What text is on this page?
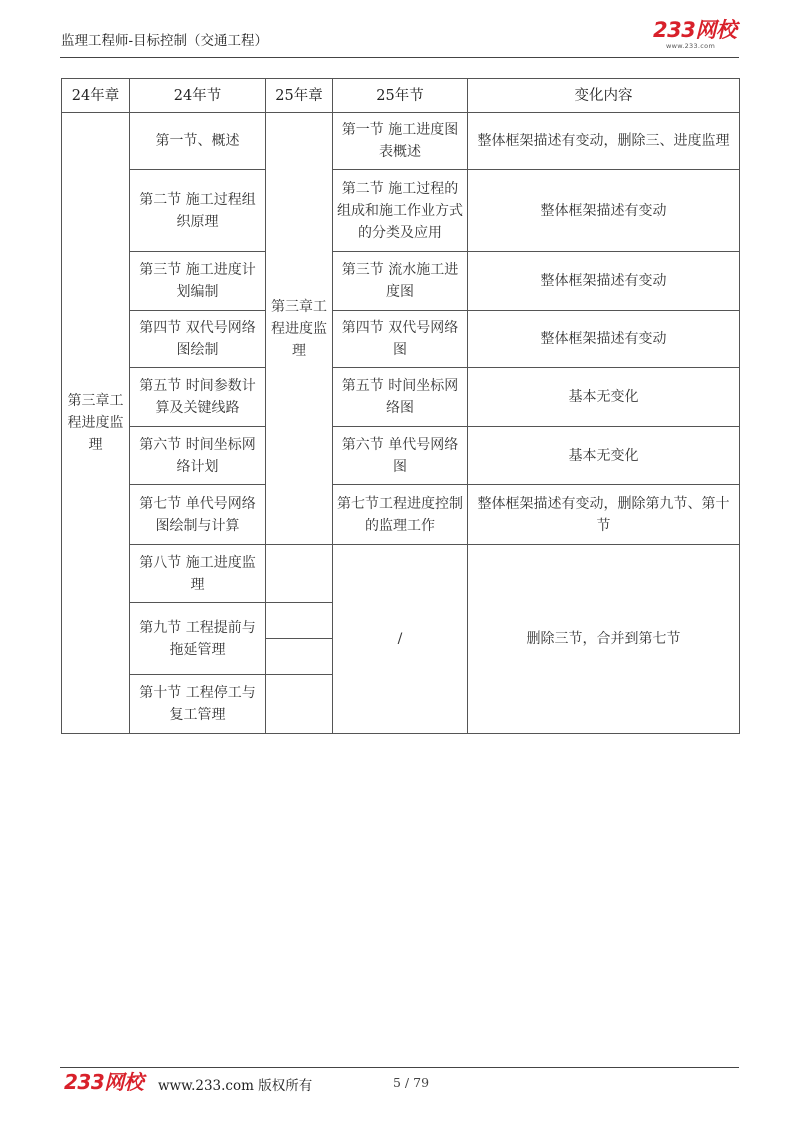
监理工程师-目标控制（交通工程）	233网校
www.233.com
24年章	24年节	25年章	25年节	变化内容
第三章工程进度监理	第一节、概述	第三章工程进度监理	第一节 施工进度图表概述	整体框架描述有变动，删除三、进度监理
	第二节 施工过程组织原理		第二节 施工过程的组成和施工作业方式的分类及应用	整体框架描述有变动
	第三节 施工进度计划编制		第三节 流水施工进度图	整体框架描述有变动
	第四节 双代号网络图绘制		第四节 双代号网络图	整体框架描述有变动
	第五节 时间参数计算及关键线路		第五节 时间坐标网络图	基本无变化
	第六节 时间坐标网络计划		第六节 单代号网络图	基本无变化
	第七节 单代号网络图绘制与计算		第七节工程进度控制的监理工作	整体框架描述有变动，删除第九节、第十节
	第八节 施工进度监理		/	删除三节，合并到第七节
	第九节 工程提前与拖延管理			

	第十节 工程停工与复工管理			
233网校 www.233.com 版权所有	5 / 79
